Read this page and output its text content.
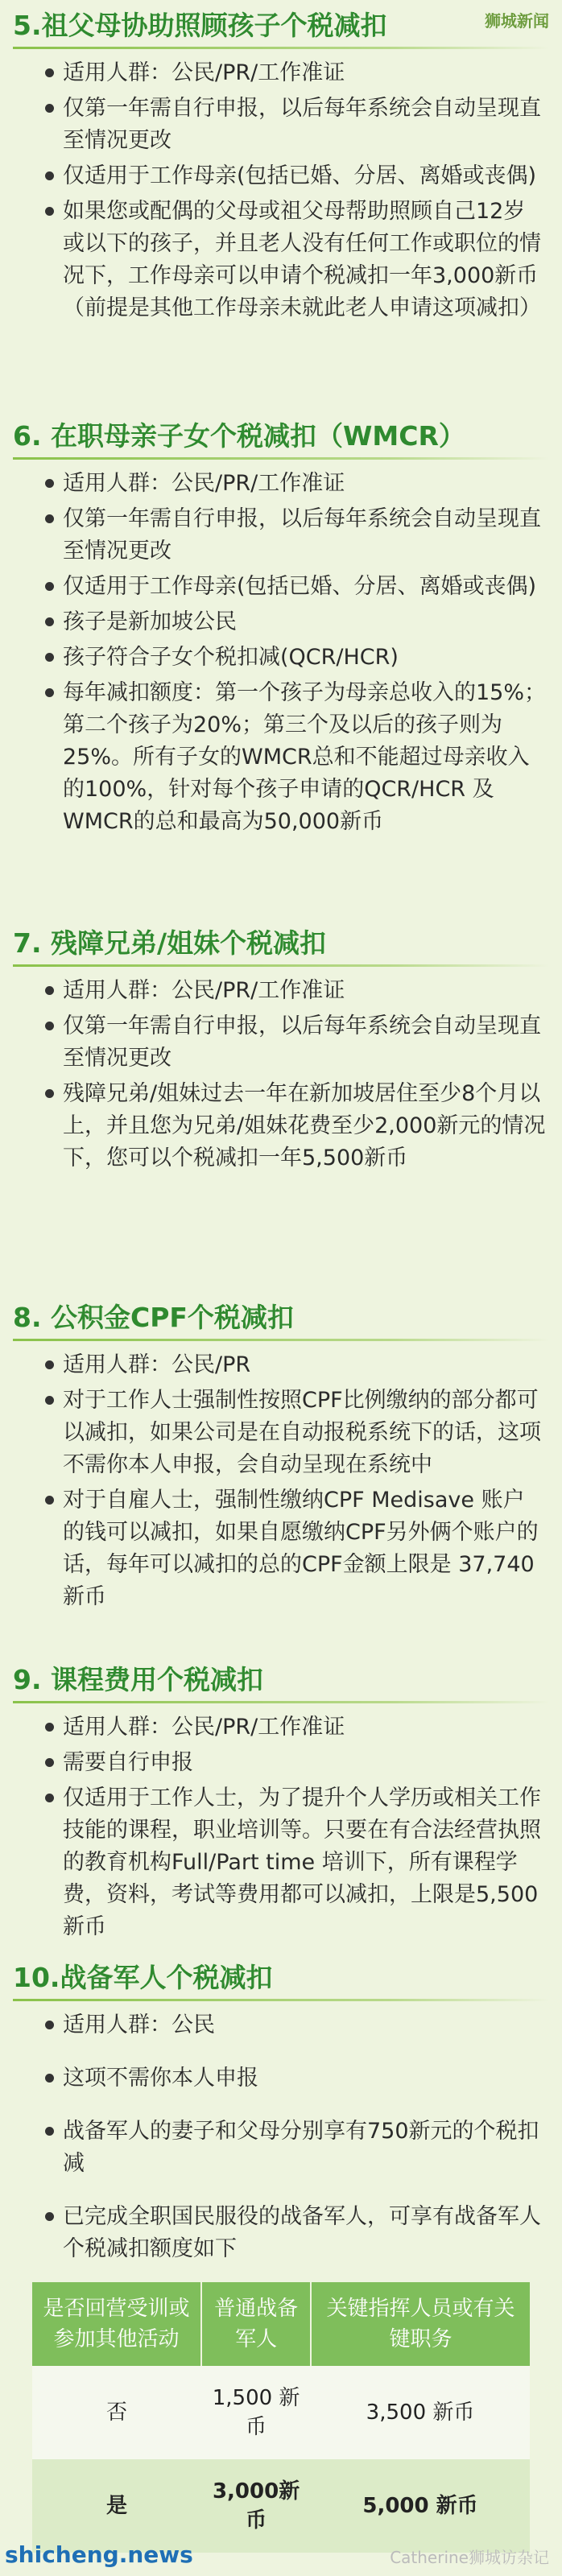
狮城新闻
5.祖父母协助照顾孩子个税减扣
适用人群：公民/PR/工作准证
仅第一年需自行申报，以后每年系统会自动呈现直至情况更改
仅适用于工作母亲(包括已婚、分居、离婚或丧偶)
如果您或配偶的父母或祖父母帮助照顾自己12岁或以下的孩子，并且老人没有任何工作或职位的情况下，工作母亲可以申请个税减扣一年3,000新币（前提是其他工作母亲未就此老人申请这项减扣）
6. 在职母亲子女个税减扣（WMCR）
适用人群：公民/PR/工作准证
仅第一年需自行申报，以后每年系统会自动呈现直至情况更改
仅适用于工作母亲(包括已婚、分居、离婚或丧偶)
孩子是新加坡公民
孩子符合子女个税扣减(QCR/HCR)
每年减扣额度：第一个孩子为母亲总收入的15%；第二个孩子为20%；第三个及以后的孩子则为25%。所有子女的WMCR总和不能超过母亲收入的100%，针对每个孩子申请的QCR/HCR 及WMCR的总和最高为50,000新币
7. 残障兄弟/姐妹个税减扣
适用人群：公民/PR/工作准证
仅第一年需自行申报，以后每年系统会自动呈现直至情况更改
残障兄弟/姐妹过去一年在新加坡居住至少8个月以上，并且您为兄弟/姐妹花费至少2,000新元的情况下，您可以个税减扣一年5,500新币
8. 公积金CPF个税减扣
适用人群：公民/PR
对于工作人士强制性按照CPF比例缴纳的部分都可以减扣，如果公司是在自动报税系统下的话，这项不需你本人申报，会自动呈现在系统中
对于自雇人士，强制性缴纳CPF Medisave 账户的钱可以减扣，如果自愿缴纳CPF另外俩个账户的话，每年可以减扣的总的CPF金额上限是 37,740新币
9. 课程费用个税减扣
适用人群：公民/PR/工作准证
需要自行申报
仅适用于工作人士，为了提升个人学历或相关工作技能的课程，职业培训等。只要在有合法经营执照的教育机构Full/Part time 培训下，所有课程学费，资料，考试等费用都可以减扣，上限是5,500新币
10.战备军人个税减扣
适用人群：公民
这项不需你本人申报
战备军人的妻子和父母分别享有750新元的个税扣减
已完成全职国民服役的战备军人，可享有战备军人个税减扣额度如下
是否回营受训或参加其他活动	普通战备军人	关键指挥人员或有关键职务
否	1,500 新币	3,500 新币
是	3,000新币	5,000 新币
shicheng.news	Catherine狮城访杂记
